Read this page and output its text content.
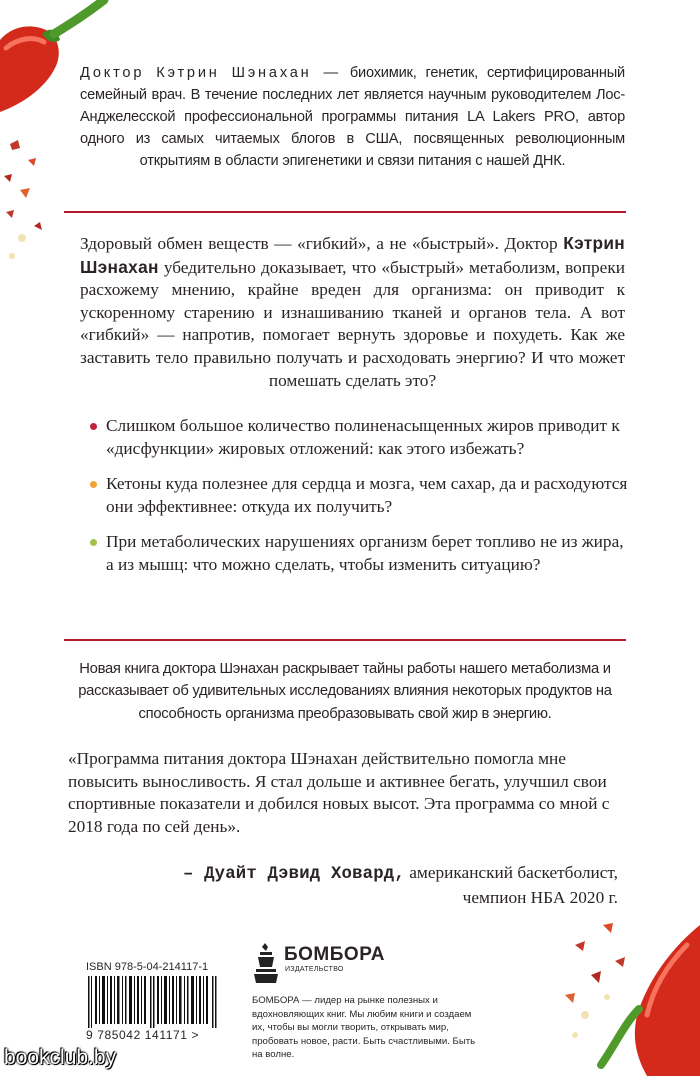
Доктор Кэтрин Шэнахан — биохимик, генетик, сертифицированный семейный врач. В течение последних лет является научным руководителем Лос-Анджелесской профессиональной программы питания LA Lakers PRO, автор одного из самых читаемых блогов в США, посвященных революционным открытиям в области эпигенетики и связи питания с нашей ДНК.
Здоровый обмен веществ — «гибкий», а не «быстрый». Доктор Кэтрин Шэнахан убедительно доказывает, что «быстрый» метаболизм, вопреки расхожему мнению, крайне вреден для организма: он приводит к ускоренному старению и изнашиванию тканей и органов тела. А вот «гибкий» — напротив, помогает вернуть здоровье и похудеть. Как же заставить тело правильно получать и расходовать энергию? И что может помешать сделать это?
Слишком большое количество полиненасыщенных жиров приводит к «дисфункции» жировых отложений: как этого избежать?
Кетоны куда полезнее для сердца и мозга, чем сахар, да и расходуются они эффективнее: откуда их получить?
При метаболических нарушениях организм берет топливо не из жира, а из мышц: что можно сделать, чтобы изменить ситуацию?
Новая книга доктора Шэнахан раскрывает тайны работы нашего метаболизма и рассказывает об удивительных исследованиях влияния некоторых продуктов на способность организма преобразовывать свой жир в энергию.
«Программа питания доктора Шэнахан действительно помогла мне повысить выносливость. Я стал дольше и активнее бегать, улучшил свои спортивные показатели и добился новых высот. Эта программа со мной с 2018 года по сей день».
– Дуайт Дэвид Ховард, американский баскетболист,
чемпион НБА 2020 г.
ISBN 978-5-04-214117-1
9 785042 141171 >
БОМБОРА
ИЗДАТЕЛЬСТВО
БОМБОРА — лидер на рынке полезных и вдохновляющих книг. Мы любим книги и создаем их, чтобы вы могли творить, открывать мир, пробовать новое, расти. Быть счастливыми. Быть на волне.
bookclub.by
